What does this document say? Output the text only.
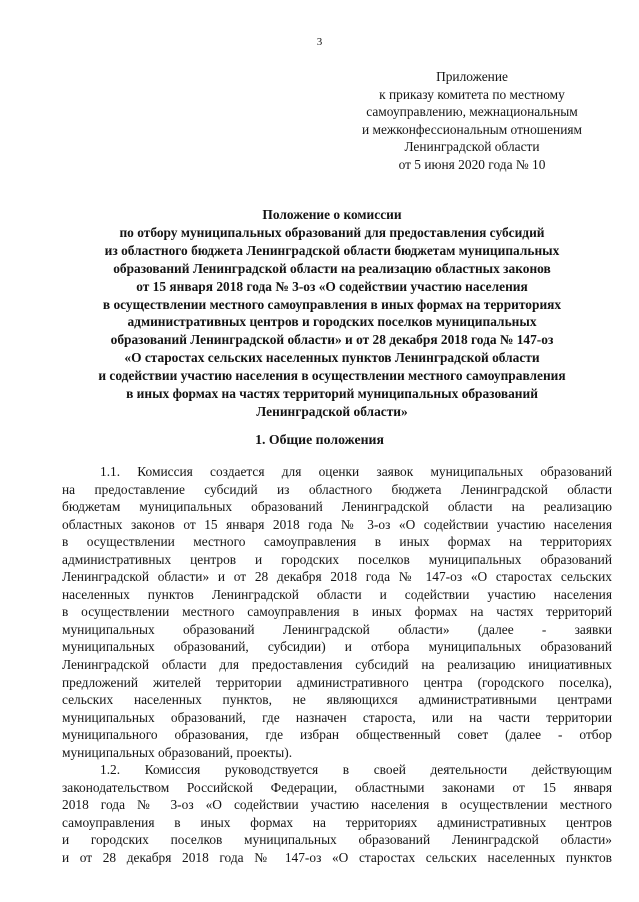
3
Приложение
к приказу комитета по местному
самоуправлению, межнациональным
и межконфессиональным отношениям
Ленинградской области
от 5 июня 2020 года № 10
Положение о комиссии
по отбору муниципальных образований для предоставления субсидий
из областного бюджета Ленинградской области бюджетам муниципальных
образований Ленинградской области на реализацию областных законов
от 15 января 2018 года № 3-оз «О содействии участию населения
в осуществлении местного самоуправления в иных формах на территориях
административных центров и городских поселков муниципальных
образований Ленинградской области» и от 28 декабря 2018 года № 147-оз
«О старостах сельских населенных пунктов Ленинградской области
и содействии участию населения в осуществлении местного самоуправления
в иных формах на частях территорий муниципальных образований
Ленинградской области»
1. Общие положения
1.1. Комиссия создается для оценки заявок муниципальных образований
на предоставление субсидий из областного бюджета Ленинградской области
бюджетам муниципальных образований Ленинградской области на реализацию
областных законов от 15 января 2018 года № 3-оз «О содействии участию населения
в осуществлении местного самоуправления в иных формах на территориях
административных центров и городских поселков муниципальных образований
Ленинградской области» и от 28 декабря 2018 года № 147-оз «О старостах сельских
населенных пунктов Ленинградской области и содействии участию населения
в осуществлении местного самоуправления в иных формах на частях территорий
муниципальных образований Ленинградской области» (далее - заявки
муниципальных образований, субсидии) и отбора муниципальных образований
Ленинградской области для предоставления субсидий на реализацию инициативных
предложений жителей территории административного центра (городского поселка),
сельских населенных пунктов, не являющихся административными центрами
муниципальных образований, где назначен староста, или на части территории
муниципального образования, где избран общественный совет (далее - отбор
муниципальных образований, проекты).
1.2. Комиссия руководствуется в своей деятельности действующим
законодательством Российской Федерации, областными законами от 15 января
2018 года № 3-оз «О содействии участию населения в осуществлении местного
самоуправления в иных формах на территориях административных центров
и городских поселков муниципальных образований Ленинградской области»
и от 28 декабря 2018 года № 147-оз «О старостах сельских населенных пунктов
